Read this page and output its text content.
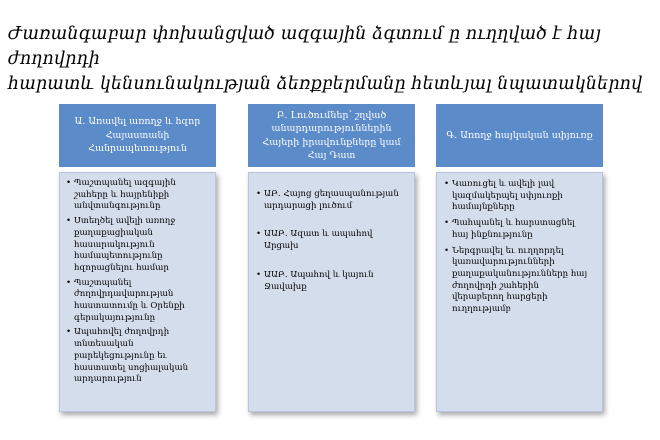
Ժառանգաբար փոխանցված ազգային ձգտում ը ուղղված է հայ ժողովրդի
հարատև կենսունակության ձեռքբերմանը հետևյալ նպատակներով
Ա. Առավել առողջ և հզոր
Հայաստանի
Հանրապետություն
• Պաշտպանել ազգային
շահերը և հայրենիքի
անվտանգությունը
• Ստեղծել ավելի առողջ
քաղաքացիական
հասարակություն
համապետությունը
հզորացնելու համար
• Պաշտպանել
ժողովրդավարության
հաստատումը և Օրենքի
գերակայությունը
• Ապահովել ժողովրդի
տնտեսական
բարեկեցությունը եւ
հաստատել սոցիալական
արդարություն
Բ. Լուծումներ՝ շղված
անարդարություններին
Հայերի իրավունքները կամ
Հայ Դատ
• ԱԲ. Հայոց ցեղասպանության
արդարացի լուծում
• ԱԱԲ. Ազատ և ապահով Արցախ
• ԱԱԲ. Ապահով և կայուն
Ջավախք
Գ. Առողջ հայկական սփյուռք
• Կառուցել և ավելի լավ
կազմակերպել սփյուռքի
համայնքները
• Պահպանել և հարստացնել
հայ ինքնությունը
• Ներգրավել եւ ուղղորդել
կառավարությունների
քաղաքականությունները հայ
ժողովրդի շահերին
վերաբերող հարցերի
ուղղությամբ
